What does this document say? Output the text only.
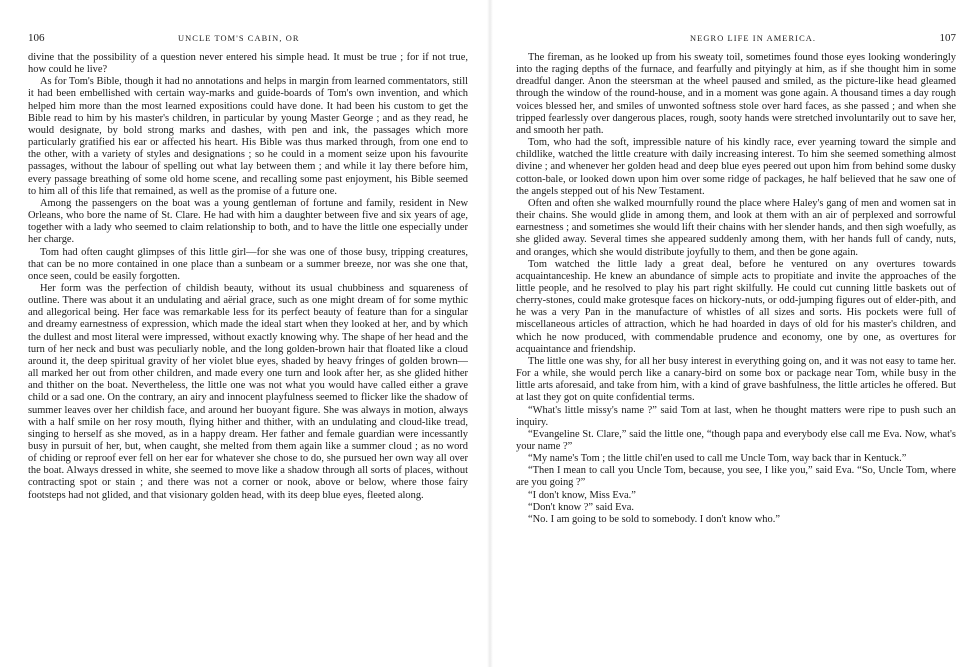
106	UNCLE TOM'S CABIN, OR

divine that the possibility of a question never entered his simple head. It must be true ; for if not true, how could he live?

As for Tom's Bible, though it had no annotations and helps in margin from learned commentators, still it had been embellished with certain way-marks and guide-boards of Tom's own invention, and which helped him more than the most learned expositions could have done. It had been his custom to get the Bible read to him by his master's children, in particular by young Master George ; and as they read, he would designate, by bold strong marks and dashes, with pen and ink, the passages which more particularly gratified his ear or affected his heart. His Bible was thus marked through, from one end to the other, with a variety of styles and designations ; so he could in a moment seize upon his favourite passages, without the labour of spelling out what lay between them ; and while it lay there before him, every passage breathing of some old home scene, and recalling some past enjoyment, his Bible seemed to him all of this life that remained, as well as the promise of a future one.

Among the passengers on the boat was a young gentleman of fortune and family, resident in New Orleans, who bore the name of St. Clare. He had with him a daughter between five and six years of age, together with a lady who seemed to claim relationship to both, and to have the little one especially under her charge.

Tom had often caught glimpses of this little girl—for she was one of those busy, tripping creatures, that can be no more contained in one place than a sunbeam or a summer breeze, nor was she one that, once seen, could be easily forgotten.

Her form was the perfection of childish beauty, without its usual chubbiness and squareness of outline. There was about it an undulating and aërial grace, such as one might dream of for some mythic and allegorical being. Her face was remarkable less for its perfect beauty of feature than for a singular and dreamy earnestness of expression, which made the ideal start when they looked at her, and by which the dullest and most literal were impressed, without exactly knowing why. The shape of her head and the turn of her neck and bust was peculiarly noble, and the long golden-brown hair that floated like a cloud around it, the deep spiritual gravity of her violet blue eyes, shaded by heavy fringes of golden brown—all marked her out from other children, and made every one turn and look after her, as she glided hither and thither on the boat. Nevertheless, the little one was not what you would have called either a grave child or a sad one. On the contrary, an airy and innocent playfulness seemed to flicker like the shadow of summer leaves over her childish face, and around her buoyant figure. She was always in motion, always with a half smile on her rosy mouth, flying hither and thither, with an undulating and cloud-like tread, singing to herself as she moved, as in a happy dream. Her father and female guardian were incessantly busy in pursuit of her, but, when caught, she melted from them again like a summer cloud ; as no word of chiding or reproof ever fell on her ear for whatever she chose to do, she pursued her own way all over the boat. Always dressed in white, she seemed to move like a shadow through all sorts of places, without contracting spot or stain ; and there was not a corner or nook, above or below, where those fairy footsteps had not glided, and that visionary golden head, with its deep blue eyes, fleeted along.

NEGRO LIFE IN AMERICA.	107

The fireman, as he looked up from his sweaty toil, sometimes found those eyes looking wonderingly into the raging depths of the furnace, and fearfully and pityingly at him, as if she thought him in some dreadful danger. Anon the steersman at the wheel paused and smiled, as the picture-like head gleamed through the window of the round-house, and in a moment was gone again. A thousand times a day rough voices blessed her, and smiles of unwonted softness stole over hard faces, as she passed ; and when she tripped fearlessly over dangerous places, rough, sooty hands were stretched involuntarily out to save her, and smooth her path.

Tom, who had the soft, impressible nature of his kindly race, ever yearning toward the simple and childlike, watched the little creature with daily increasing interest. To him she seemed something almost divine ; and whenever her golden head and deep blue eyes peered out upon him from behind some dusky cotton-bale, or looked down upon him over some ridge of packages, he half believed that he saw one of the angels stepped out of his New Testament.

Often and often she walked mournfully round the place where Haley's gang of men and women sat in their chains. She would glide in among them, and look at them with an air of perplexed and sorrowful earnestness ; and sometimes she would lift their chains with her slender hands, and then sigh woefully, as she glided away. Several times she appeared suddenly among them, with her hands full of candy, nuts, and oranges, which she would distribute joyfully to them, and then be gone again.

Tom watched the little lady a great deal, before he ventured on any overtures towards acquaintanceship. He knew an abundance of simple acts to propitiate and invite the approaches of the little people, and he resolved to play his part right skilfully. He could cut cunning little baskets out of cherry-stones, could make grotesque faces on hickory-nuts, or odd-jumping figures out of elder-pith, and he was a very Pan in the manufacture of whistles of all sizes and sorts. His pockets were full of miscellaneous articles of attraction, which he had hoarded in days of old for his master's children, and which he now produced, with commendable prudence and economy, one by one, as overtures for acquaintance and friendship.

The little one was shy, for all her busy interest in everything going on, and it was not easy to tame her. For a while, she would perch like a canary-bird on some box or package near Tom, while busy in the little arts aforesaid, and take from him, with a kind of grave bashfulness, the little articles he offered. But at last they got on quite confidential terms.

“What's little missy's name ?” said Tom at last, when he thought matters were ripe to push such an inquiry.

“Evangeline St. Clare,” said the little one, “though papa and everybody else call me Eva. Now, what's your name ?”

“My name's Tom ; the little chil'en used to call me Uncle Tom, way back thar in Kentuck.”

“Then I mean to call you Uncle Tom, because, you see, I like you,” said Eva. “So, Uncle Tom, where are you going ?”

“I don't know, Miss Eva.”

“Don't know ?” said Eva.

“No. I am going to be sold to somebody. I don't know who.”
